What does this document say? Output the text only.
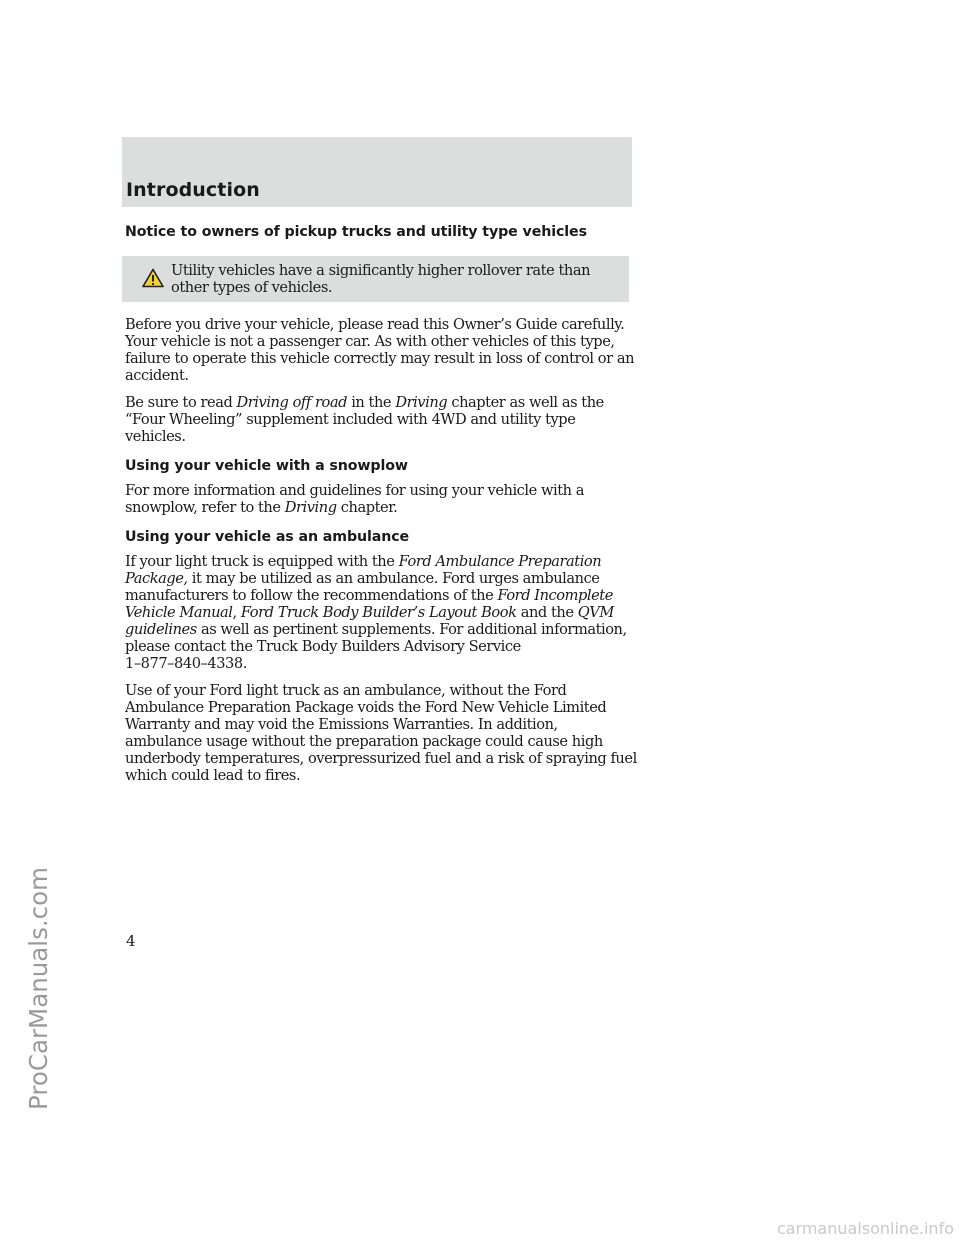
Introduction
Notice to owners of pickup trucks and utility type vehicles
Utility vehicles have a significantly higher rollover rate than other types of vehicles.

Before you drive your vehicle, please read this Owner’s Guide carefully. Your vehicle is not a passenger car. As with other vehicles of this type, failure to operate this vehicle correctly may result in loss of control or an accident.

Be sure to read Driving off road in the Driving chapter as well as the “Four Wheeling” supplement included with 4WD and utility type vehicles.

Using your vehicle with a snowplow

For more information and guidelines for using your vehicle with a snowplow, refer to the Driving chapter.

Using your vehicle as an ambulance

If your light truck is equipped with the Ford Ambulance Preparation Package, it may be utilized as an ambulance. Ford urges ambulance manufacturers to follow the recommendations of the Ford Incomplete Vehicle Manual, Ford Truck Body Builder’s Layout Book and the QVM guidelines as well as pertinent supplements. For additional information, please contact the Truck Body Builders Advisory Service
1–877–840–4338.

Use of your Ford light truck as an ambulance, without the Ford Ambulance Preparation Package voids the Ford New Vehicle Limited Warranty and may void the Emissions Warranties. In addition, ambulance usage without the preparation package could cause high underbody temperatures, overpressurized fuel and a risk of spraying fuel which could lead to fires.

4
ProCarManuals.com
carmanualsonline.info
